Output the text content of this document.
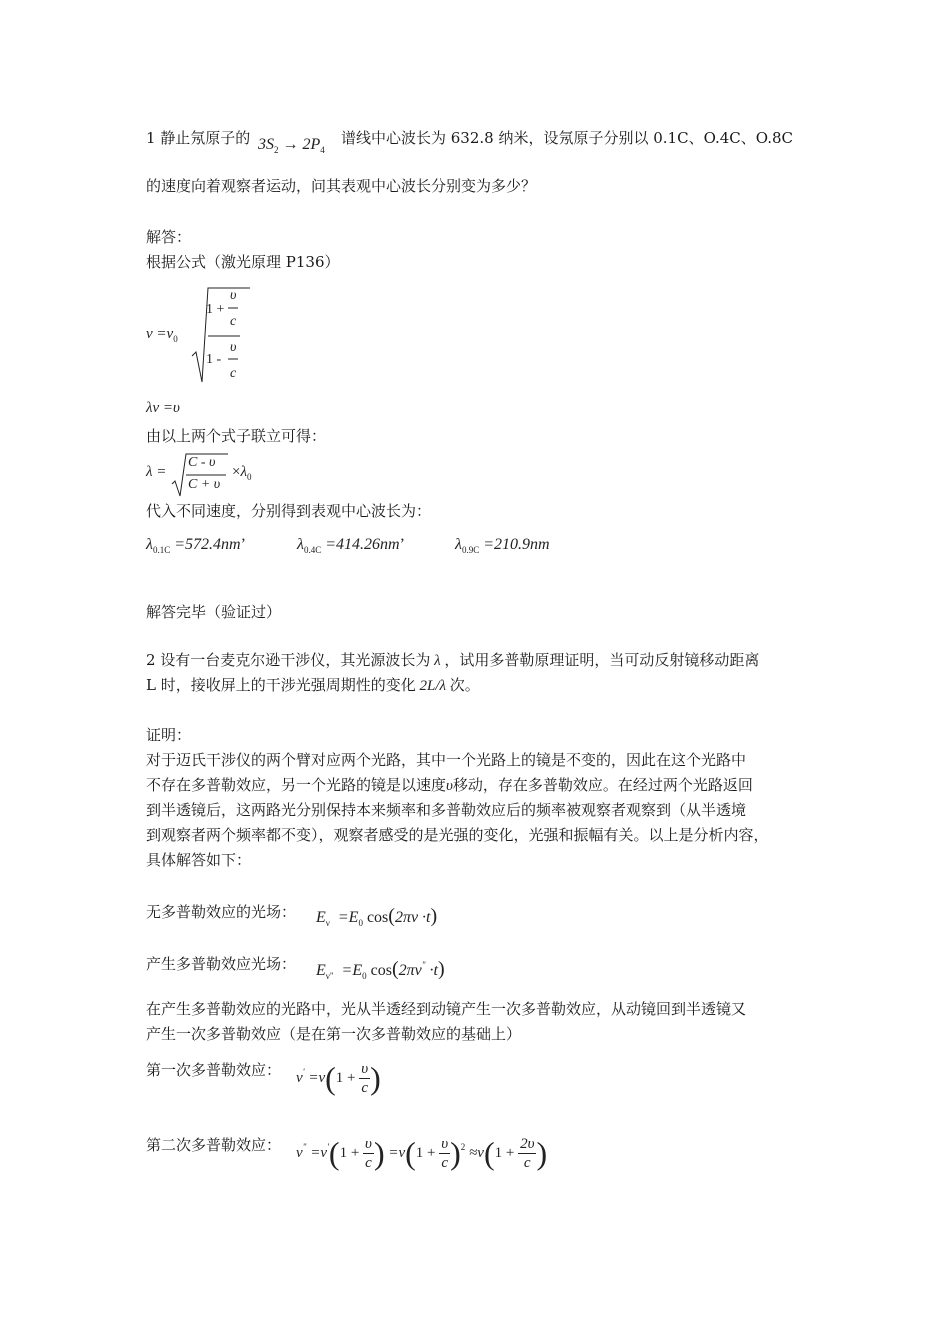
1 静止氖原子的 $3S_2 \to 2P_4$
谱线中心波长为 632.8 纳米，设氖原子分别以 0.1C、O.4C、O.8C
的速度向着观察者运动，问其表观中心波长分别变为多少？
解答：
根据公式（激光原理 P136）
$\nu =\nu_0$
1 +
υ
c
1 -
υ
c
λν =υ
由以上两个式子联立可得：
λ =
C - υ
C + υ
$\times\lambda_0$
代入不同速度，分别得到表观中心波长为：
$\lambda_{0.1C} =572.4nm$’	$\lambda_{0.4C} =414.26nm$’	$\lambda_{0.9C} =210.9nm$
解答完毕（验证过）
2 设有一台麦克尔逊干涉仪，其光源波长为 λ ，试用多普勒原理证明，当可动反射镜移动距离
L 时，接收屏上的干涉光强周期性的变化 2L/λ 次。
证明：
对于迈氏干涉仪的两个臂对应两个光路，其中一个光路上的镜是不变的，因此在这个光路中
不存在多普勒效应，另一个光路的镜是以速度υ移动，存在多普勒效应。在经过两个光路返回
到半透镜后，这两路光分别保持本来频率和多普勒效应后的频率被观察者观察到（从半透境
到观察者两个频率都不变），观察者感受的是光强的变化，光强和振幅有关。以上是分析内容，
具体解答如下：
无多普勒效应的光场： $E_\nu =E_0$ cos(2πν ·t)
产生多普勒效应光场： $E_{\nu"} =E_0$ cos(2πν" ·t)
在产生多普勒效应的光路中，光从半透经到动镜产生一次多普勒效应，从动镜回到半透镜又
产生一次多普勒效应（是在第一次多普勒效应的基础上）
第一次多普勒效应： $\nu' =\nu(1 + \frac{\upsilon}{c}$ )
第二次多普勒效应： $\nu^" =\nu'(1 + \frac{\upsilon}{c}$ ) $=\nu(1 + \frac{\upsilon}{c} )^2 \approx\nu(1 + \frac{2\upsilon}{c}$ )
